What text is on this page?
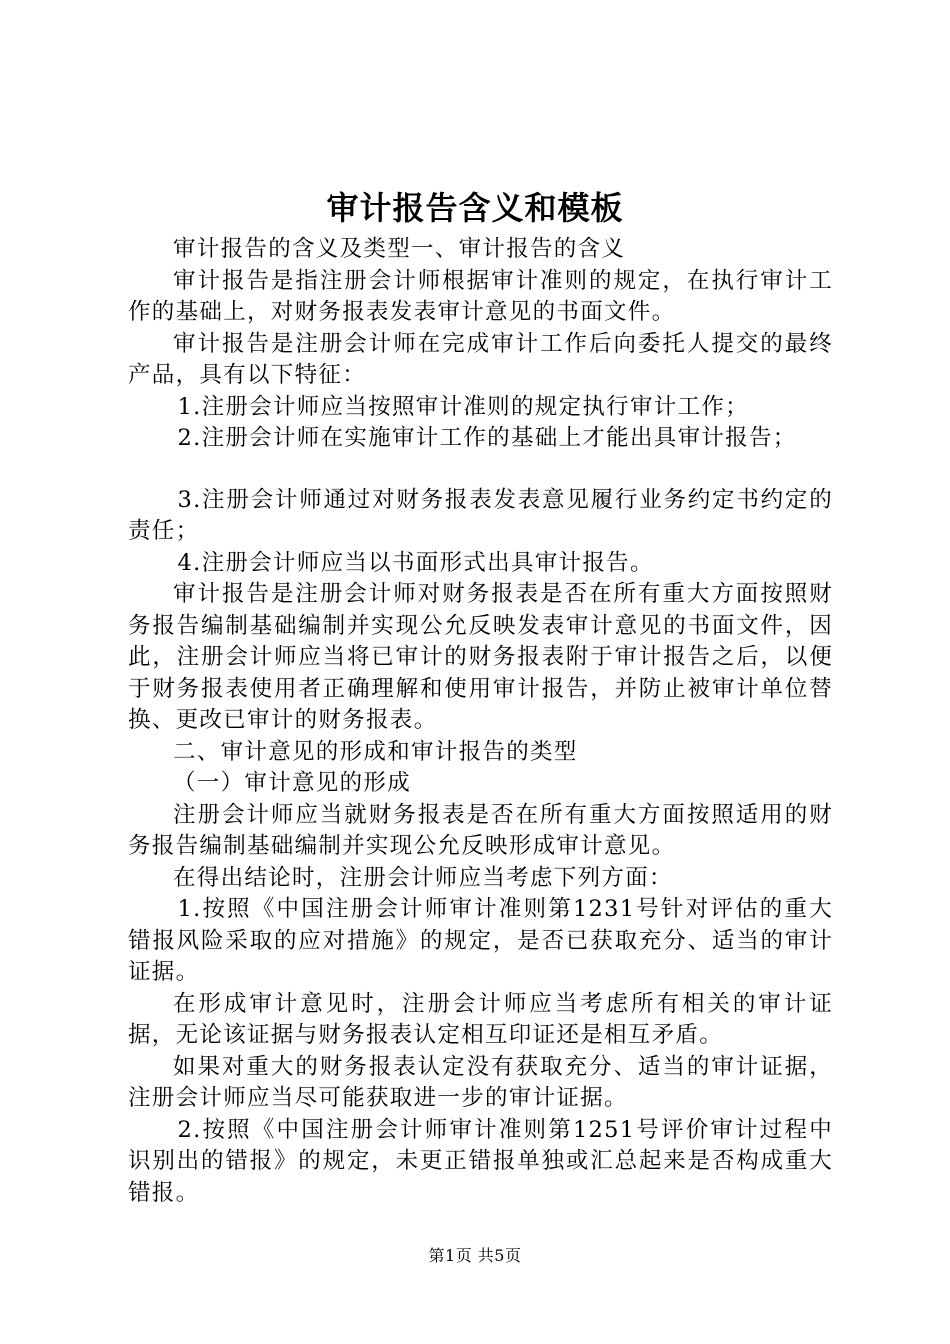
审计报告含义和模板

审计报告的含义及类型一、审计报告的含义

审计报告是指注册会计师根据审计准则的规定，在执行审计工作的基础上，对财务报表发表审计意见的书面文件。

审计报告是注册会计师在完成审计工作后向委托人提交的最终产品，具有以下特征：

1.注册会计师应当按照审计准则的规定执行审计工作；

2.注册会计师在实施审计工作的基础上才能出具审计报告；

3.注册会计师通过对财务报表发表意见履行业务约定书约定的责任；

4.注册会计师应当以书面形式出具审计报告。

审计报告是注册会计师对财务报表是否在所有重大方面按照财务报告编制基础编制并实现公允反映发表审计意见的书面文件，因此，注册会计师应当将已审计的财务报表附于审计报告之后，以便于财务报表使用者正确理解和使用审计报告，并防止被审计单位替换、更改已审计的财务报表。

二、审计意见的形成和审计报告的类型

（一）审计意见的形成

注册会计师应当就财务报表是否在所有重大方面按照适用的财务报告编制基础编制并实现公允反映形成审计意见。

在得出结论时，注册会计师应当考虑下列方面：

1.按照《中国注册会计师审计准则第1231号针对评估的重大错报风险采取的应对措施》的规定，是否已获取充分、适当的审计证据。

在形成审计意见时，注册会计师应当考虑所有相关的审计证据，无论该证据与财务报表认定相互印证还是相互矛盾。

如果对重大的财务报表认定没有获取充分、适当的审计证据，注册会计师应当尽可能获取进一步的审计证据。

2.按照《中国注册会计师审计准则第1251号评价审计过程中识别出的错报》的规定，未更正错报单独或汇总起来是否构成重大错报。

第1页 共5页
